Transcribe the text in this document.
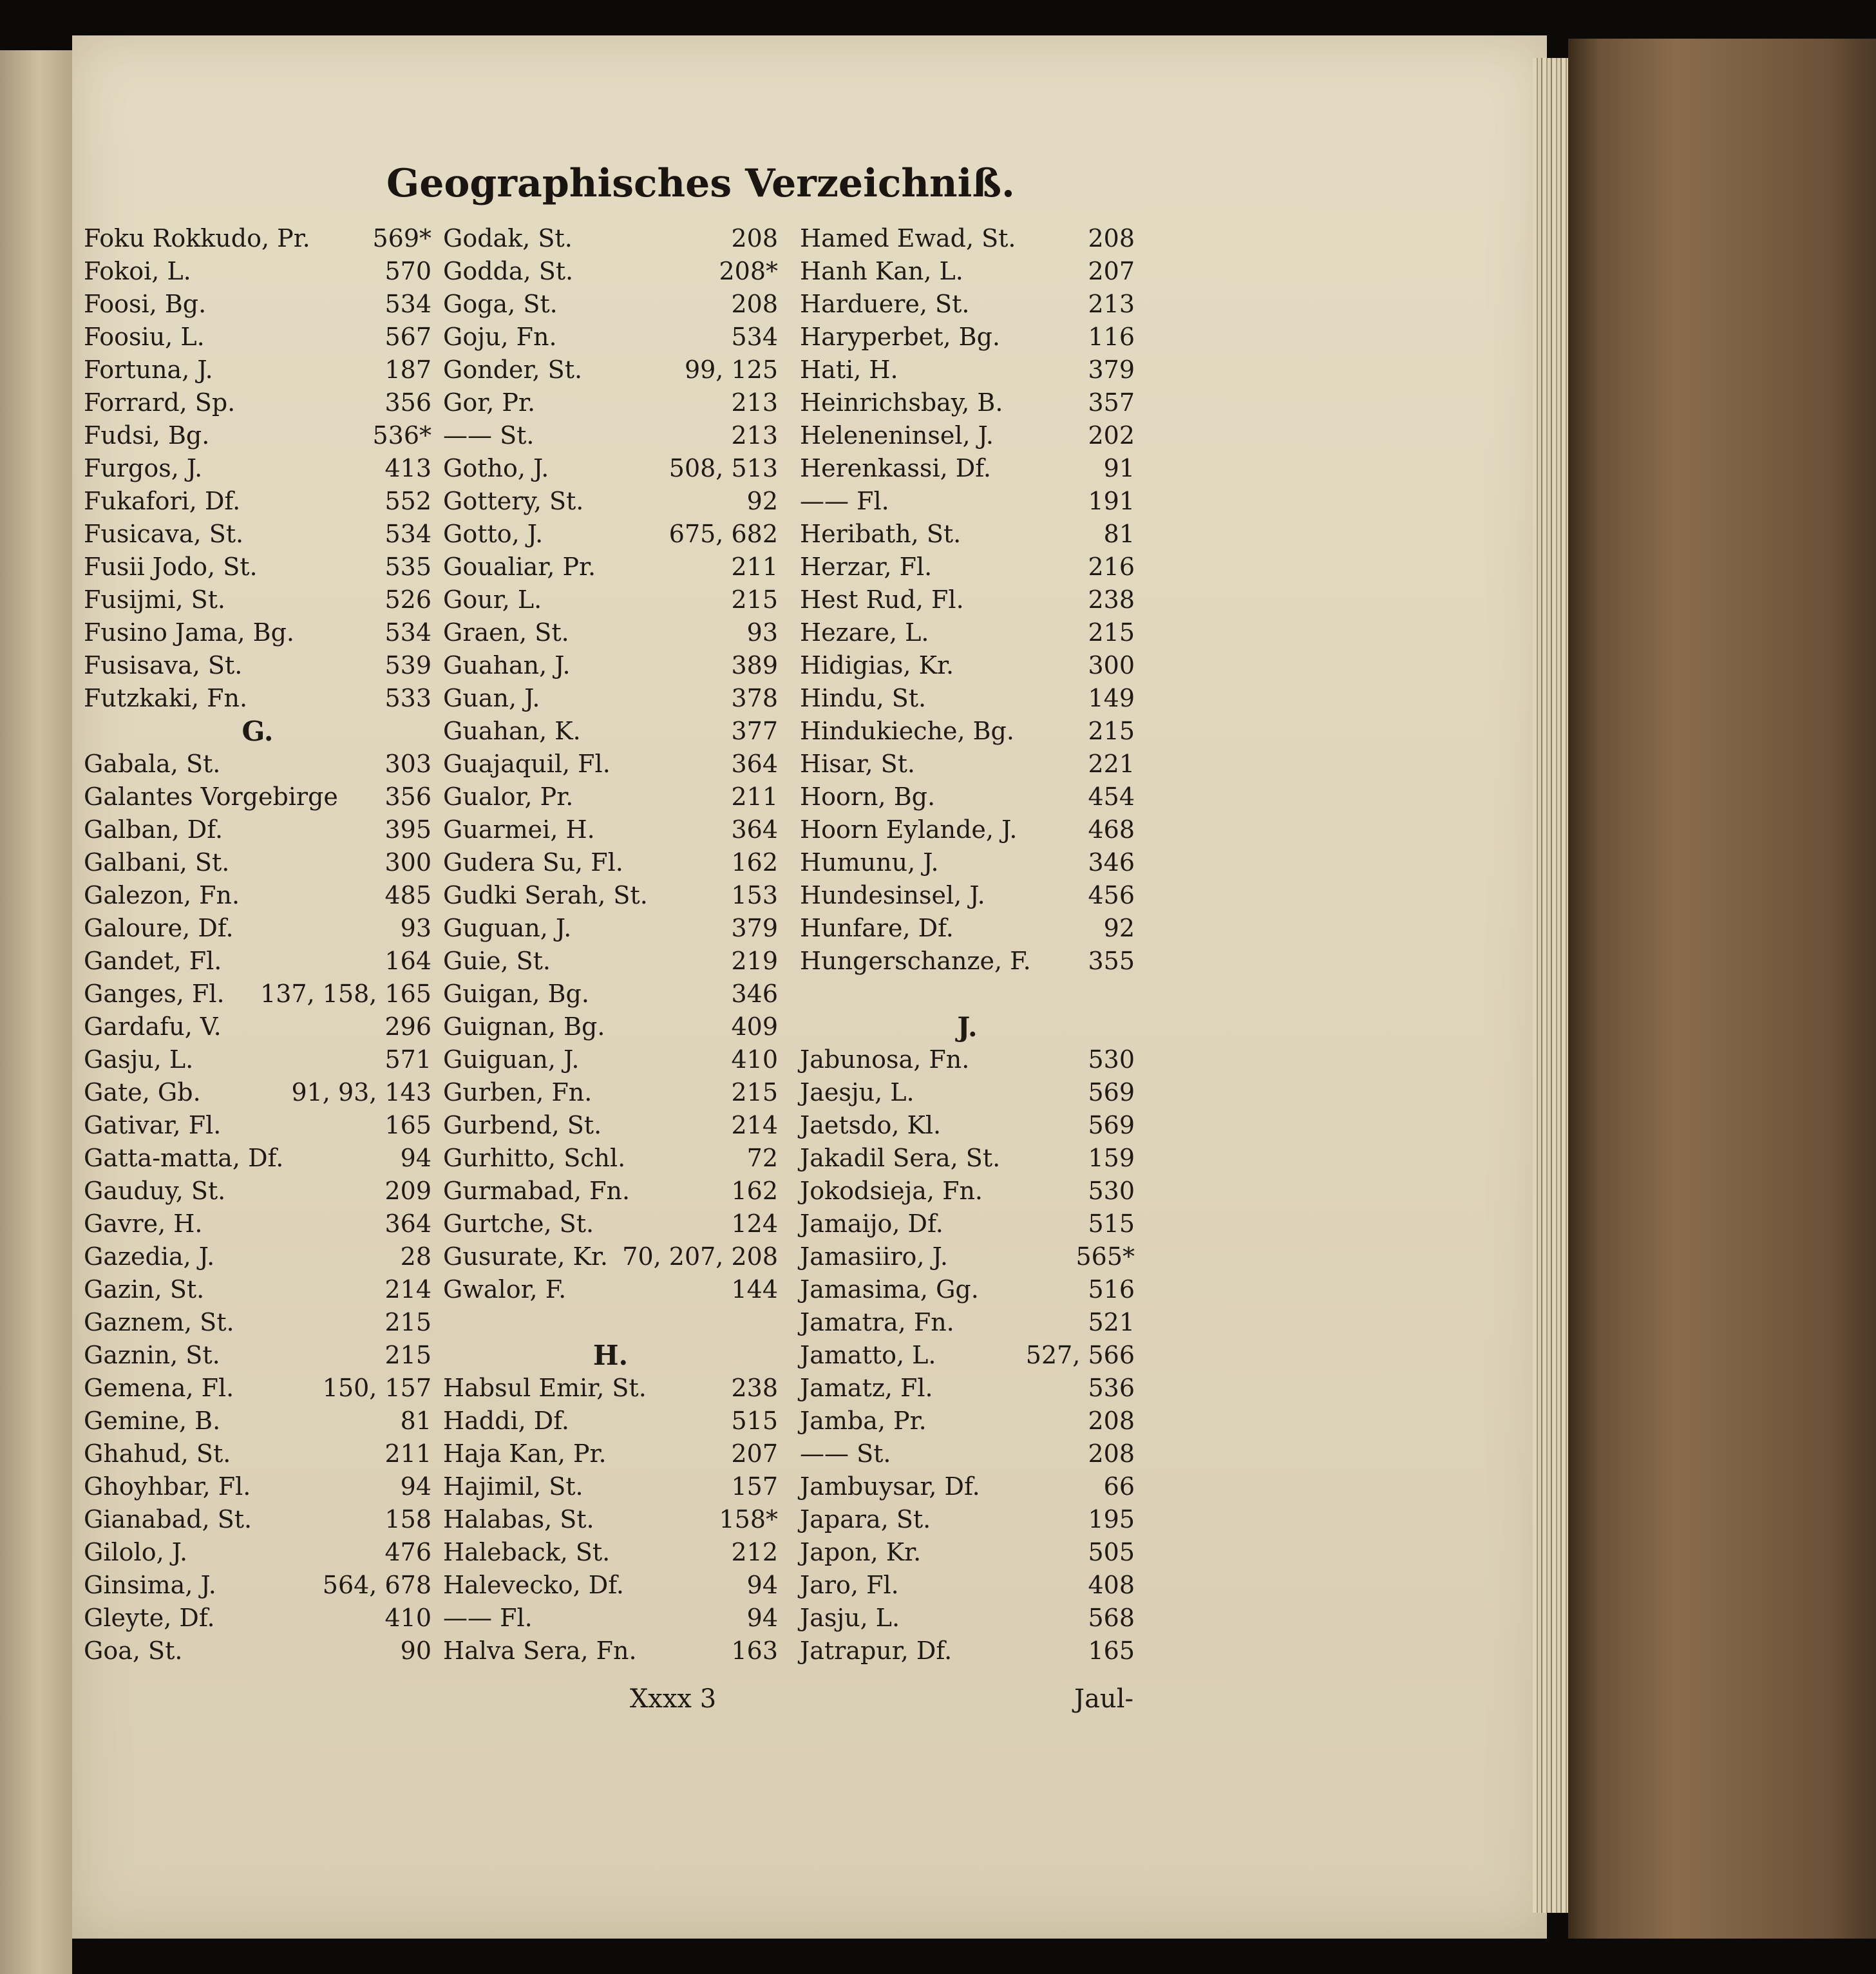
Geographisches Verzeichniß.
Foku Rokkudo, Pr.	569*
Fokoi, L.	570
Foosi, Bg.	534
Foosiu, L.	567
Fortuna, J.	187
Forrard, Sp.	356
Fudsi, Bg.	536*
Furgos, J.	413
Fukafori, Df.	552
Fusicava, St.	534
Fusii Jodo, St.	535
Fusijmi, St.	526
Fusino Jama, Bg.	534
Fusisava, St.	539
Futzkaki, Fn.	533
G.
Gabala, St.	303
Galantes Vorgebirge 356
Galban, Df.	395
Galbani, St.	300
Galezon, Fn.	485
Galoure, Df.	93
Gandet, Fl.	164
Ganges, Fl. 137, 158, 165
Gardafu, V.	296
Gasju, L.	571
Gate, Gb.	91, 93, 143
Gativar, Fl.	165
Gatta-matta, Df.	94
Gauduy, St.	209
Gavre, H.	364
Gazedia, J.	28
Gazin, St.	214
Gaznem, St.	215
Gaznin, St.	215
Gemena, Fl.	150, 157
Gemine, B.	81
Ghahud, St.	211
Ghoyhbar, Fl.	94
Gianabad, St.	158
Gilolo, J.	476
Ginsima, J.	564, 678
Gleyte, Df.	410
Goa, St.	90
Godak, St.	208
Godda, St.	208*
Goga, St.	208
Goju, Fn.	534
Gonder, St.	99, 125
Gor, Pr.	213
—— St.	213
Gotho, J.	508, 513
Gottery, St.	92
Gotto, J.	675, 682
Goualiar, Pr.	211
Gour, L.	215
Graen, St.	93
Guahan, J.	389
Guan, J.	378
Guahan, K.	377
Guajaquil, Fl.	364
Gualor, Pr.	211
Guarmei, H.	364
Gudera Su, Fl.	162
Gudki Serah, St.	153
Guguan, J.	379
Guie, St.	219
Guigan, Bg.	346
Guignan, Bg.	409
Guiguan, J.	410
Gurben, Fn.	215
Gurbend, St.	214
Gurhitto, Schl.	72
Gurmabad, Fn.	162
Gurtche, St.	124
Gusurate, Kr. 70, 207, 208
Gwalor, F.	144
H.
Habsul Emir, St.	238
Haddi, Df.	515
Haja Kan, Pr.	207
Hajimil, St.	157
Halabas, St.	158*
Haleback, St.	212
Halevecko, Df.	94
—— Fl.	94
Halva Sera, Fn.	163
Hamed Ewad, St.	208
Hanh Kan, L.	207
Harduere, St.	213
Haryperbet, Bg.	116
Hati, H.	379
Heinrichsbay, B.	357
Heleneninsel, J.	202
Herenkassi, Df.	91
—— Fl.	191
Heribath, St.	81
Herzar, Fl.	216
Hest Rud, Fl.	238
Hezare, L.	215
Hidigias, Kr.	300
Hindu, St.	149
Hindukieche, Bg.	215
Hisar, St.	221
Hoorn, Bg.	454
Hoorn Eylande, J.	468
Humunu, J.	346
Hundesinsel, J.	456
Hunfare, Df.	92
Hungerschanze, F. 355
J.
Jabunosa, Fn.	530
Jaesju, L.	569
Jaetsdo, Kl.	569
Jakadil Sera, St.	159
Jokodsieja, Fn.	530
Jamaijo, Df.	515
Jamasiiro, J.	565*
Jamasima, Gg.	516
Jamatra, Fn.	521
Jamatto, L.	527, 566
Jamatz, Fl.	536
Jamba, Pr.	208
—— St.	208
Jambuysar, Df.	66
Japara, St.	195
Japon, Kr.	505
Jaro, Fl.	408
Jasju, L.	568
Jatrapur, Df.	165
Xxxx 3	Jaul-
